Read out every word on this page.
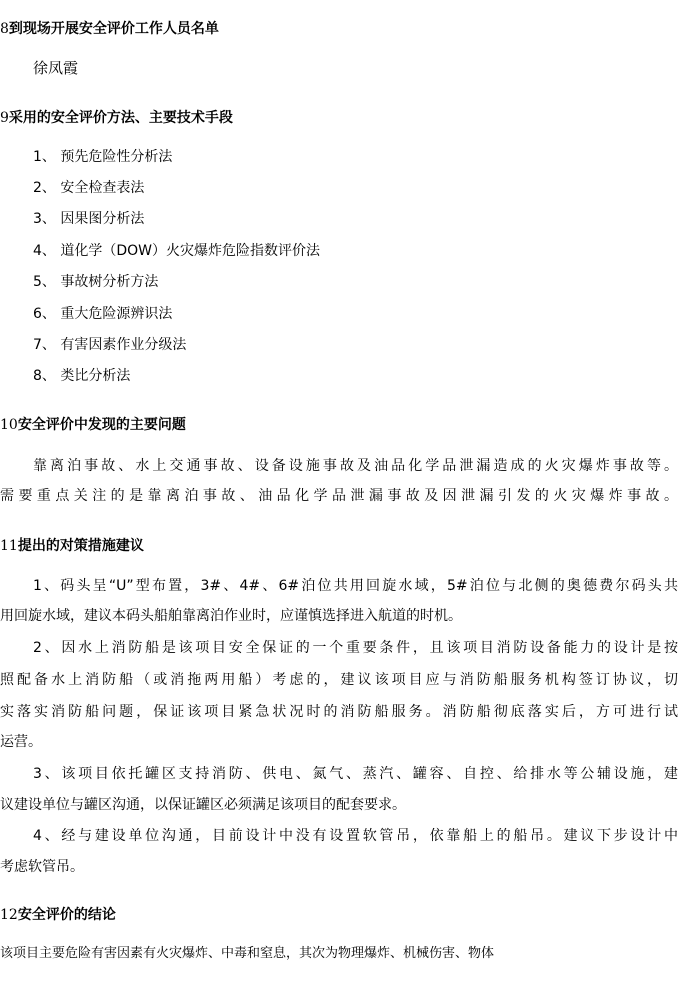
8到现场开展安全评价工作人员名单
徐凤霞
9采用的安全评价方法、主要技术手段
1、 预先危险性分析法
2、 安全检查表法
3、 因果图分析法
4、 道化学（DOW）火灾爆炸危险指数评价法
5、 事故树分析方法
6、 重大危险源辨识法
7、 有害因素作业分级法
8、 类比分析法
10安全评价中发现的主要问题
靠离泊事故、水上交通事故、设备设施事故及油品化学品泄漏造成的火灾爆炸事故等。
需要重点关注的是靠离泊事故、油品化学品泄漏事故及因泄漏引发的火灾爆炸事故。
11提出的对策措施建议
1、码头呈“U”型布置，3#、4#、6#泊位共用回旋水域，5#泊位与北侧的奥德费尔码头共
用回旋水域，建议本码头船舶靠离泊作业时，应谨慎选择进入航道的时机。
2、因水上消防船是该项目安全保证的一个重要条件，且该项目消防设备能力的设计是按
照配备水上消防船（或消拖两用船）考虑的，建议该项目应与消防船服务机构签订协议，切
实落实消防船问题，保证该项目紧急状况时的消防船服务。消防船彻底落实后，方可进行试
运营。
3、该项目依托罐区支持消防、供电、氮气、蒸汽、罐容、自控、给排水等公辅设施，建
议建设单位与罐区沟通，以保证罐区必须满足该项目的配套要求。
4、经与建设单位沟通，目前设计中没有设置软管吊，依靠船上的船吊。建议下步设计中
考虑软管吊。
12安全评价的结论
该项目主要危险有害因素有火灾爆炸、中毒和窒息，其次为物理爆炸、机械伤害、物体
